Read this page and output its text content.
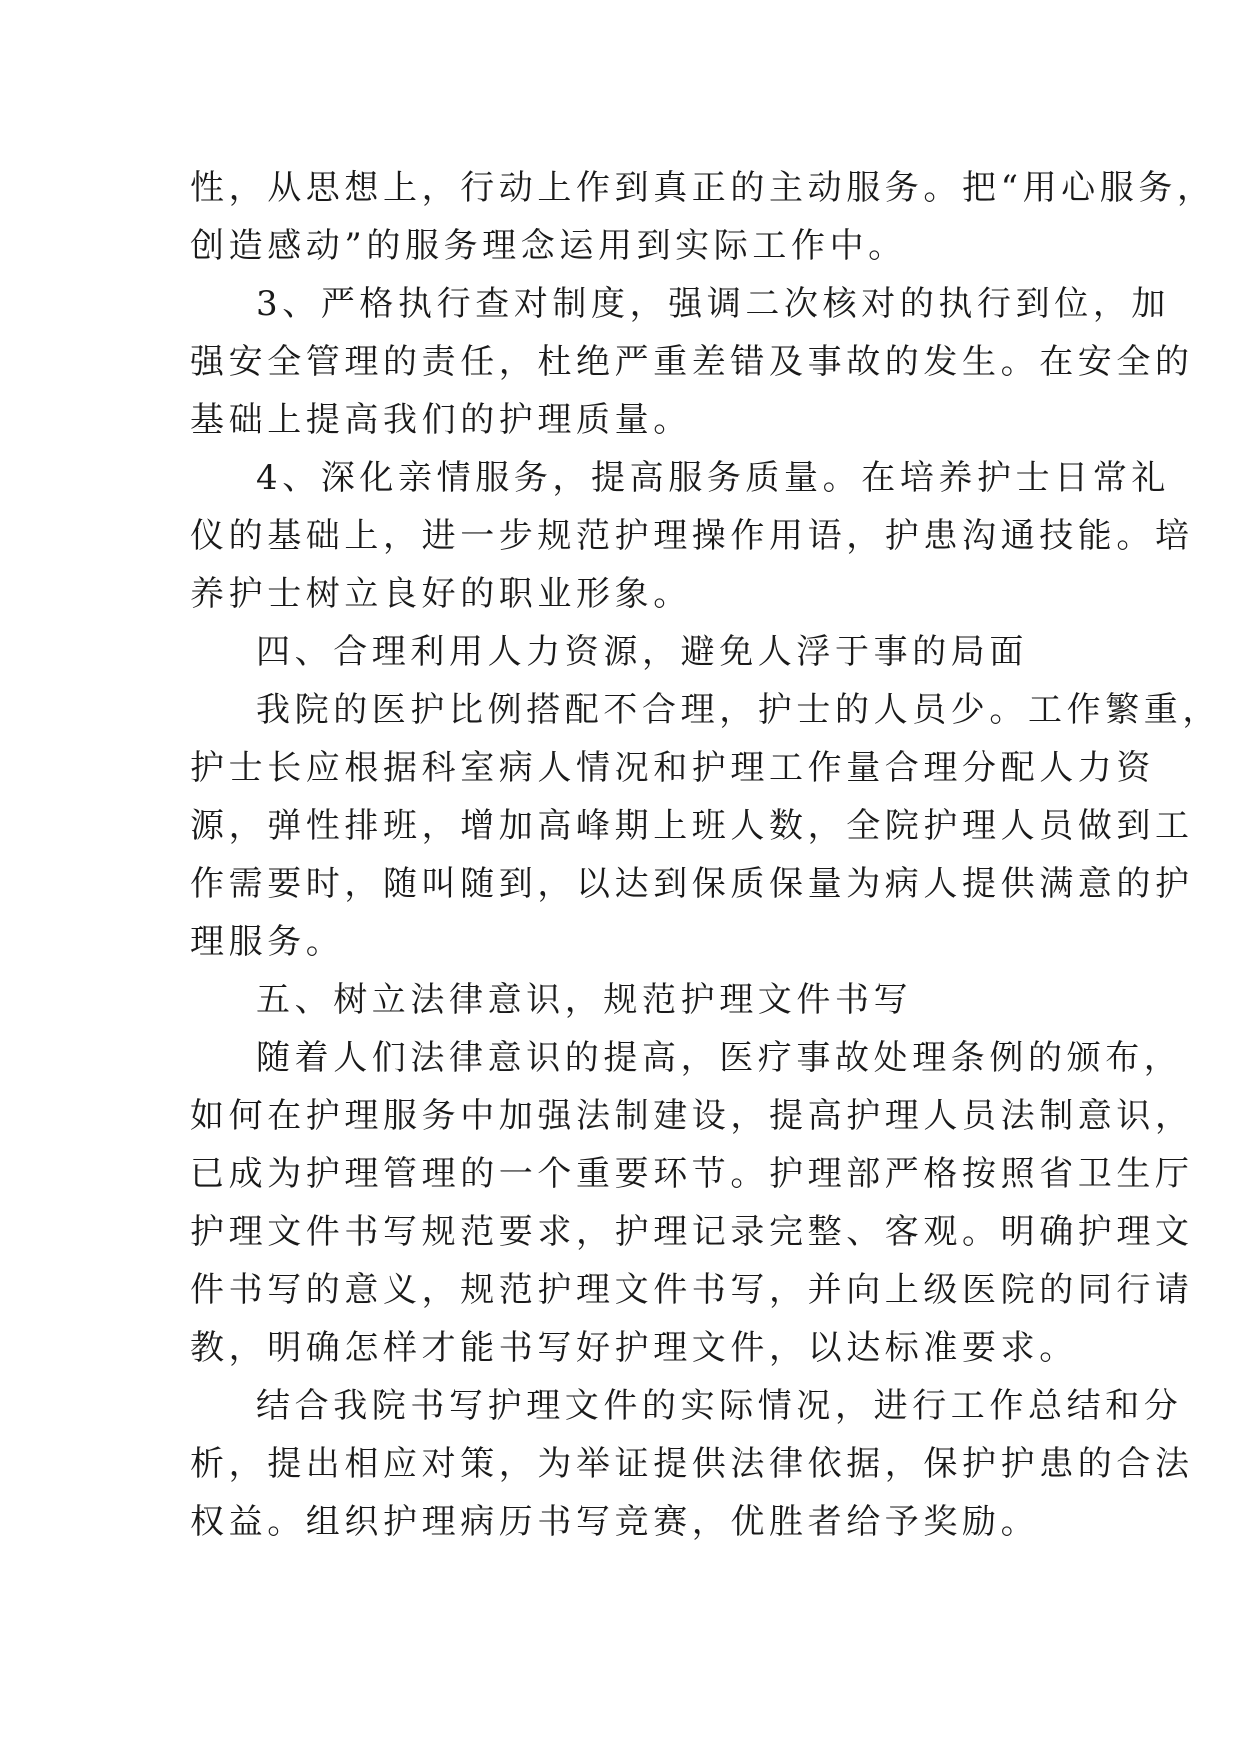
性，从思想上，行动上作到真正的主动服务。把“用心服务，
创造感动”的服务理念运用到实际工作中。
3、严格执行查对制度，强调二次核对的执行到位，加
强安全管理的责任，杜绝严重差错及事故的发生。在安全的
基础上提高我们的护理质量。
4、深化亲情服务，提高服务质量。在培养护士日常礼
仪的基础上，进一步规范护理操作用语，护患沟通技能。培
养护士树立良好的职业形象。
四、合理利用人力资源，避免人浮于事的局面
我院的医护比例搭配不合理，护士的人员少。工作繁重，
护士长应根据科室病人情况和护理工作量合理分配人力资
源，弹性排班，增加高峰期上班人数，全院护理人员做到工
作需要时，随叫随到，以达到保质保量为病人提供满意的护
理服务。
五、树立法律意识，规范护理文件书写
随着人们法律意识的提高，医疗事故处理条例的颁布，
如何在护理服务中加强法制建设，提高护理人员法制意识，
已成为护理管理的一个重要环节。护理部严格按照省卫生厅
护理文件书写规范要求，护理记录完整、客观。明确护理文
件书写的意义，规范护理文件书写，并向上级医院的同行请
教，明确怎样才能书写好护理文件，以达标准要求。
结合我院书写护理文件的实际情况，进行工作总结和分
析，提出相应对策，为举证提供法律依据，保护护患的合法
权益。组织护理病历书写竞赛，优胜者给予奖励。
